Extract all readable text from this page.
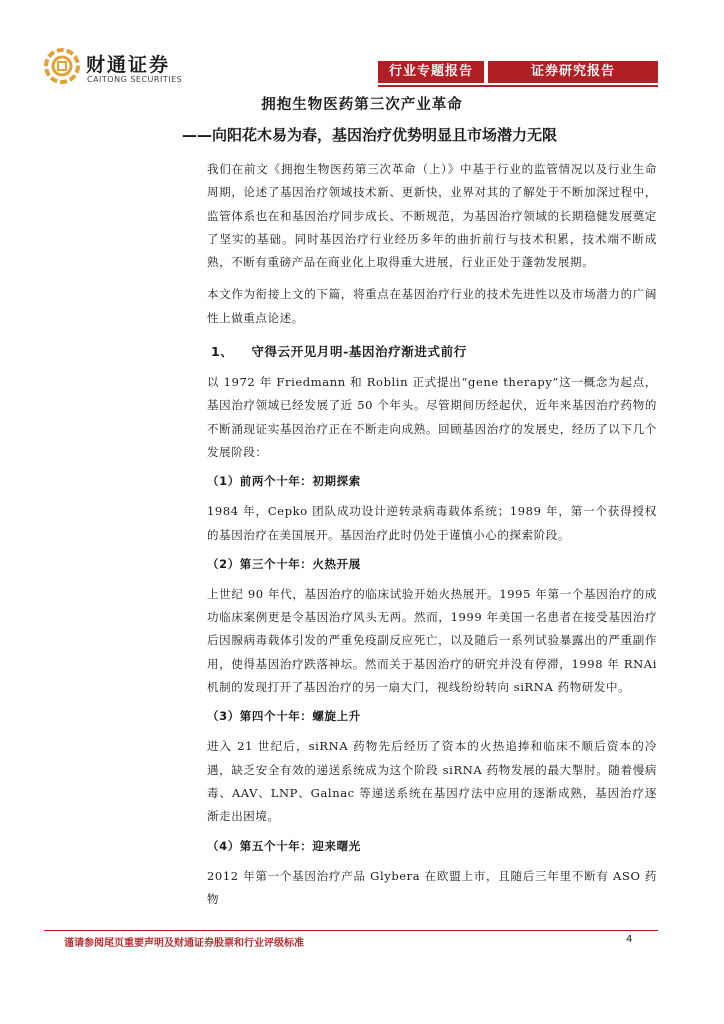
财通证券
CAITONG SECURITIES
行业专题报告	证券研究报告
拥抱生物医药第三次产业革命
——向阳花木易为春，基因治疗优势明显且市场潜力无限

我们在前文《拥抱生物医药第三次革命（上）》中基于行业的监管情况以及行业生命周期，论述了基因治疗领域技术新、更新快，业界对其的了解处于不断加深过程中，监管体系也在和基因治疗同步成长、不断规范，为基因治疗领域的长期稳健发展奠定了坚实的基础。同时基因治疗行业经历多年的曲折前行与技术积累，技术端不断成熟，不断有重磅产品在商业化上取得重大进展，行业正处于蓬勃发展期。

本文作为衔接上文的下篇，将重点在基因治疗行业的技术先进性以及市场潜力的广阔性上做重点论述。

1、 守得云开见月明-基因治疗渐进式前行

以 1972 年 Friedmann 和 Roblin 正式提出“gene therapy”这一概念为起点，基因治疗领域已经发展了近 50 个年头。尽管期间历经起伏，近年来基因治疗药物的不断涌现证实基因治疗正在不断走向成熟。回顾基因治疗的发展史，经历了以下几个发展阶段：

（1）前两个十年：初期探索

1984 年，Cepko 团队成功设计逆转录病毒载体系统；1989 年，第一个获得授权的基因治疗在美国展开。基因治疗此时仍处于谨慎小心的探索阶段。

（2）第三个十年：火热开展

上世纪 90 年代，基因治疗的临床试验开始火热展开。1995 年第一个基因治疗的成功临床案例更是令基因治疗风头无两。然而，1999 年美国一名患者在接受基因治疗后因腺病毒载体引发的严重免疫副反应死亡，以及随后一系列试验暴露出的严重副作用，使得基因治疗跌落神坛。然而关于基因治疗的研究并没有停滞，1998 年 RNAi 机制的发现打开了基因治疗的另一扇大门，视线纷纷转向 siRNA 药物研发中。

（3）第四个十年：螺旋上升

进入 21 世纪后，siRNA 药物先后经历了资本的火热追捧和临床不顺后资本的冷遇，缺乏安全有效的递送系统成为这个阶段 siRNA 药物发展的最大掣肘。随着慢病毒、AAV、LNP、Galnac 等递送系统在基因疗法中应用的逐渐成熟，基因治疗逐渐走出困境。

（4）第五个十年：迎来曙光

2012 年第一个基因治疗产品 Glybera 在欧盟上市，且随后三年里不断有 ASO 药物

谨请参阅尾页重要声明及财通证券股票和行业评级标准	4
